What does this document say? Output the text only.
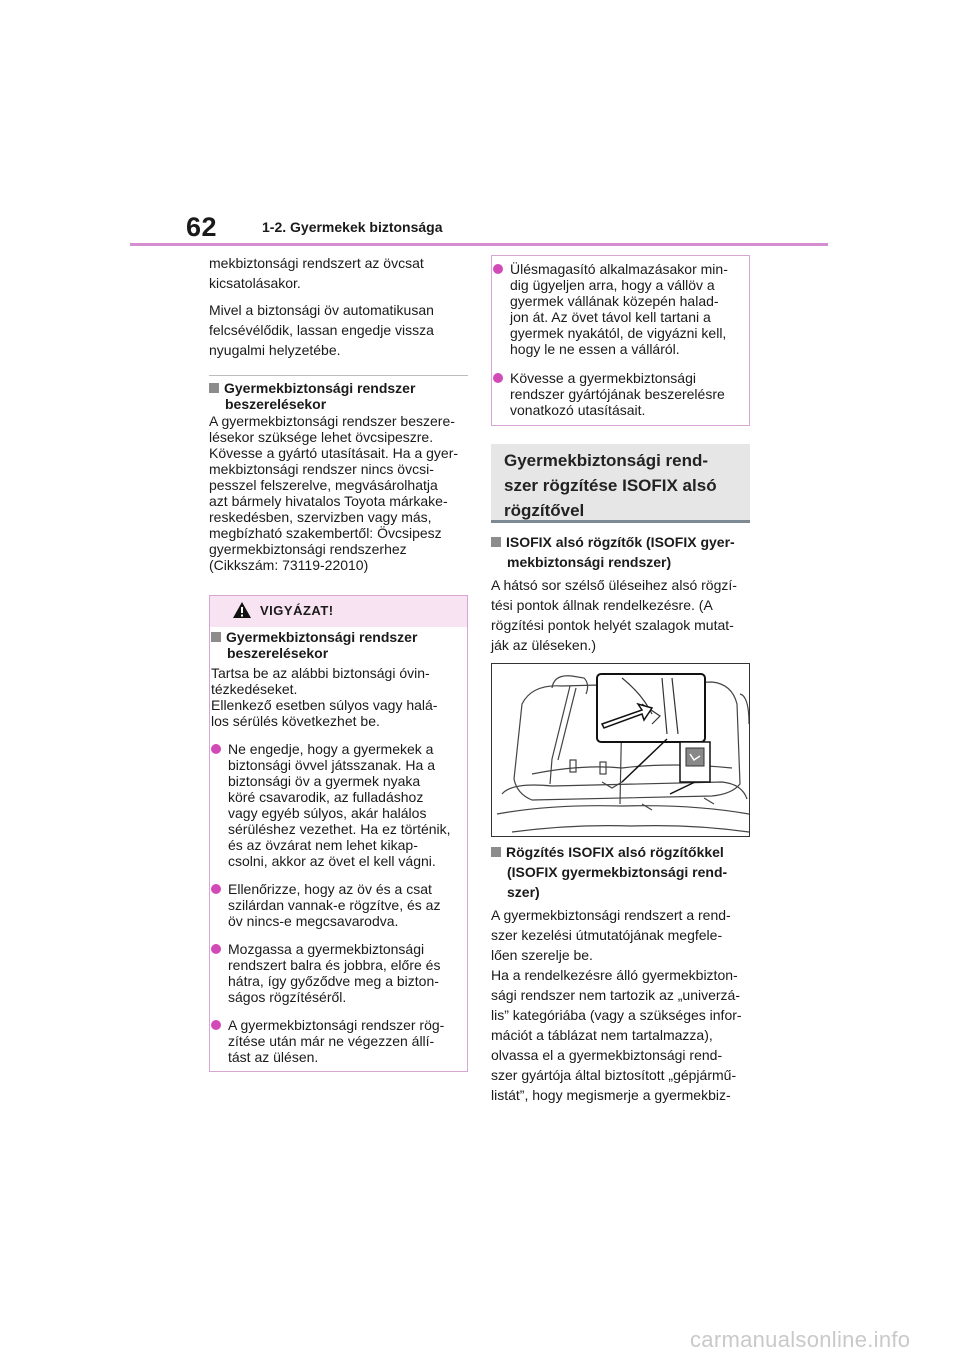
62	1-2. Gyermekek biztonsága

mekbiztonsági rendszert az övcsat

kicsatolásakor.

Mivel a biztonsági öv automatikusan

felcsévélődik, lassan engedje vissza

nyugalmi helyzetébe.

Gyermekbiztonsági rendszer
beszerelésekor

A gyermekbiztonsági rendszer beszere-

lésekor szüksége lehet övcsipeszre.

Kövesse a gyártó utasításait. Ha a gyer-

mekbiztonsági rendszer nincs övcsi-

pesszel felszerelve, megvásárolhatja

azt bármely hivatalos Toyota márkake-

reskedésben, szervizben vagy más,

megbízható szakembertől: Övcsipesz

gyermekbiztonsági rendszerhez

(Cikkszám: 73119-22010)

VIGYÁZAT!

Gyermekbiztonsági rendszer
beszerelésekor

Tartsa be az alábbi biztonsági óvin-

tézkedéseket.

Ellenkező esetben súlyos vagy halá-

los sérülés következhet be.

Ne engedje, hogy a gyermekek a
biztonsági övvel játsszanak. Ha a
biztonsági öv a gyermek nyaka
köré csavarodik, az fulladáshoz
vagy egyéb súlyos, akár halálos
sérüléshez vezethet. Ha ez történik,
és az övzárat nem lehet kikap-
csolni, akkor az övet el kell vágni.
Ellenőrizze, hogy az öv és a csat
szilárdan vannak-e rögzítve, és az
öv nincs-e megcsavarodva.
Mozgassa a gyermekbiztonsági
rendszert balra és jobbra, előre és
hátra, így győződve meg a bizton-
ságos rögzítéséről.
A gyermekbiztonsági rendszer rög-
zítése után már ne végezzen állí-
tást az ülésen.
Ülésmagasító alkalmazásakor min-
dig ügyeljen arra, hogy a vállöv a
gyermek vállának közepén halad-
jon át. Az övet távol kell tartani a
gyermek nyakától, de vigyázni kell,
hogy le ne essen a válláról.
Kövesse a gyermekbiztonsági
rendszer gyártójának beszerelésre
vonatkozó utasításait.
Gyermekbiztonsági rend-
szer rögzítése ISOFIX alsó
rögzítővel

ISOFIX alsó rögzítők (ISOFIX gyer-
mekbiztonsági rendszer)

A hátsó sor szélső üléseihez alsó rögzí-

tési pontok állnak rendelkezésre. (A

rögzítési pontok helyét szalagok mutat-

ják az üléseken.)

Rögzítés ISOFIX alsó rögzítőkkel
(ISOFIX gyermekbiztonsági rend-
szer)

A gyermekbiztonsági rendszert a rend-

szer kezelési útmutatójának megfele-

lően szerelje be.

Ha a rendelkezésre álló gyermekbizton-

sági rendszer nem tartozik az „univerzá-

lis” kategóriába (vagy a szükséges infor-

mációt a táblázat nem tartalmazza),

olvassa el a gyermekbiztonsági rend-

szer gyártója által biztosított „gépjármű-

listát”, hogy megismerje a gyermekbiz-

carmanualsonline.info
